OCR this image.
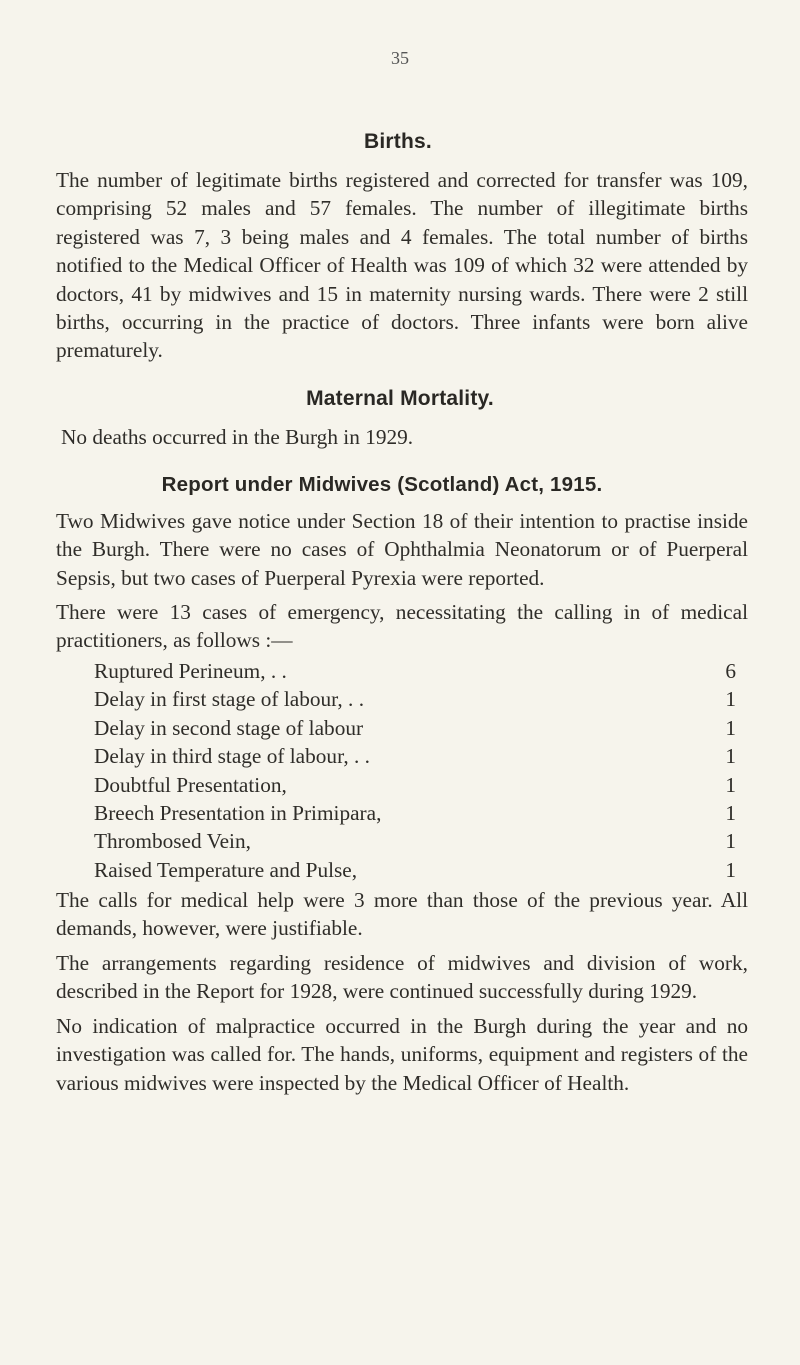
35
Births.

The number of legitimate births registered and corrected for transfer was 109, comprising 52 males and 57 females. The number of illegitimate births registered was 7, 3 being males and 4 females. The total number of births notified to the Medical Officer of Health was 109 of which 32 were attended by doctors, 41 by midwives and 15 in maternity nursing wards. There were 2 still births, occurring in the practice of doctors. Three infants were born alive prematurely.

Maternal Mortality.

No deaths occurred in the Burgh in 1929.

Report under Midwives (Scotland) Act, 1915.

Two Midwives gave notice under Section 18 of their intention to practise inside the Burgh. There were no cases of Ophthalmia Neonatorum or of Puerperal Sepsis, but two cases of Puerperal Pyrexia were reported.

There were 13 cases of emergency, necessitating the calling in of medical practitioners, as follows :—

Ruptured Perineum, . .	6
Delay in first stage of labour, . .	1
Delay in second stage of labour	1
Delay in third stage of labour, . .	1
Doubtful Presentation,	1
Breech Presentation in Primipara,	1
Thrombosed Vein,	1
Raised Temperature and Pulse,	1

The calls for medical help were 3 more than those of the previous year. All demands, however, were justifiable.

The arrangements regarding residence of midwives and division of work, described in the Report for 1928, were continued successfully during 1929.

No indication of malpractice occurred in the Burgh during the year and no investigation was called for. The hands, uniforms, equipment and registers of the various midwives were inspected by the Medical Officer of Health.
